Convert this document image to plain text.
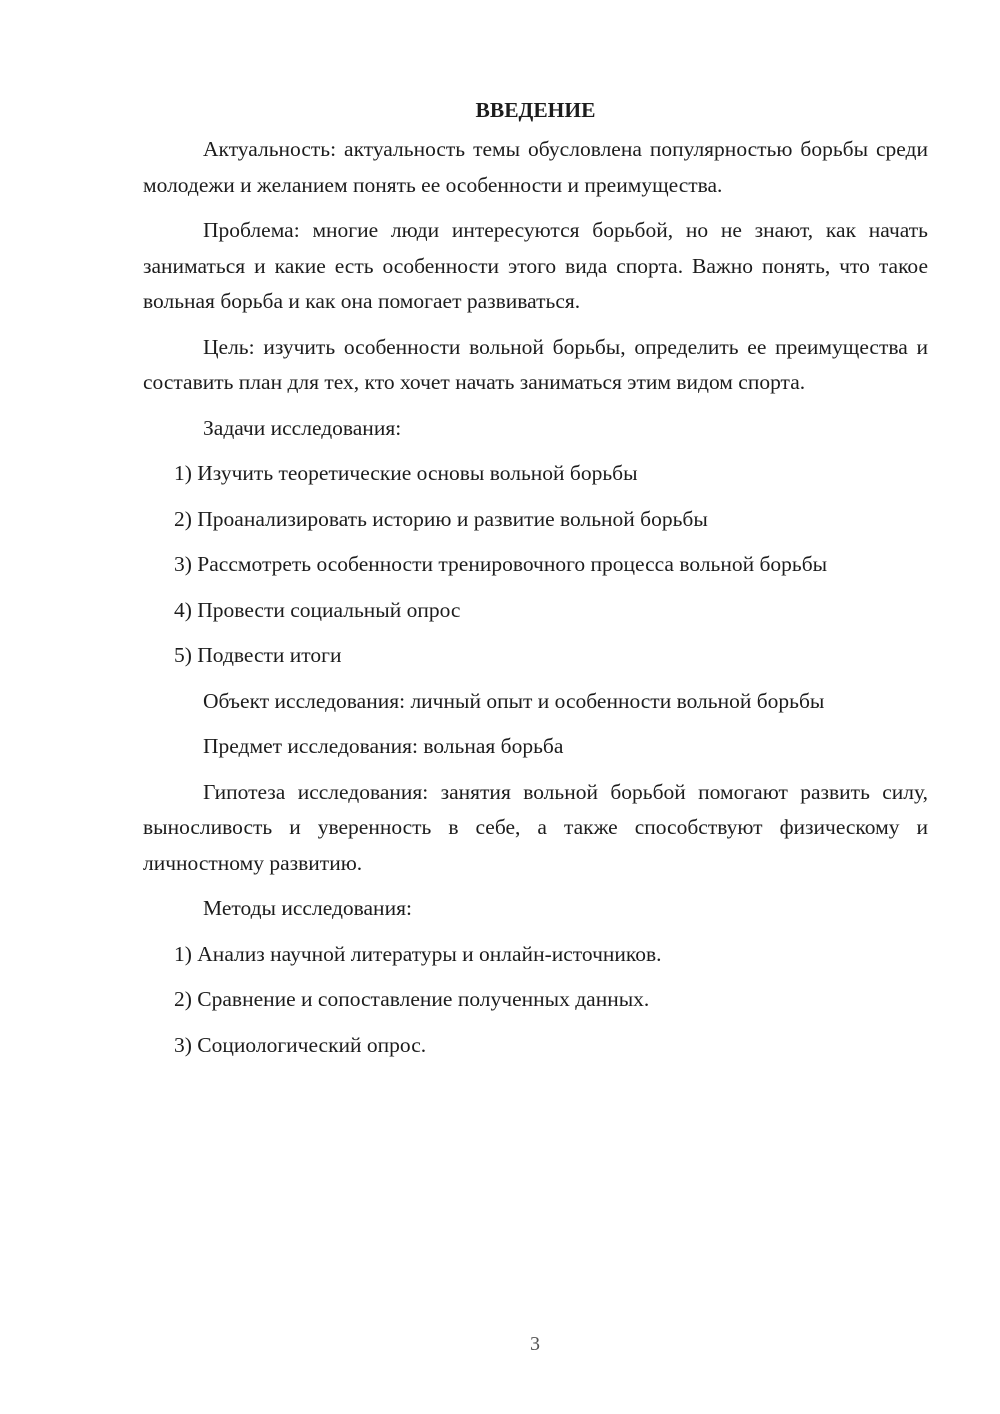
ВВЕДЕНИЕ

Актуальность: актуальность темы обусловлена популярностью борьбы среди молодежи и желанием понять ее особенности и преимущества.

Проблема: многие люди интересуются борьбой, но не знают, как начать заниматься и какие есть особенности этого вида спорта. Важно понять, что такое вольная борьба и как она помогает развиваться.

Цель: изучить особенности вольной борьбы, определить ее преимущества и составить план для тех, кто хочет начать заниматься этим видом спорта.

Задачи исследования:

1) Изучить теоретические основы вольной борьбы

2) Проанализировать историю и развитие вольной борьбы

3) Рассмотреть особенности тренировочного процесса вольной борьбы

4) Провести социальный опрос

5) Подвести итоги

Объект исследования: личный опыт и особенности вольной борьбы

Предмет исследования: вольная борьба

Гипотеза исследования: занятия вольной борьбой помогают развить силу, выносливость и уверенность в себе, а также способствуют физическому и личностному развитию.

Методы исследования:

1) Анализ научной литературы и онлайн-источников.

2) Сравнение и сопоставление полученных данных.

3) Социологический опрос.

3
